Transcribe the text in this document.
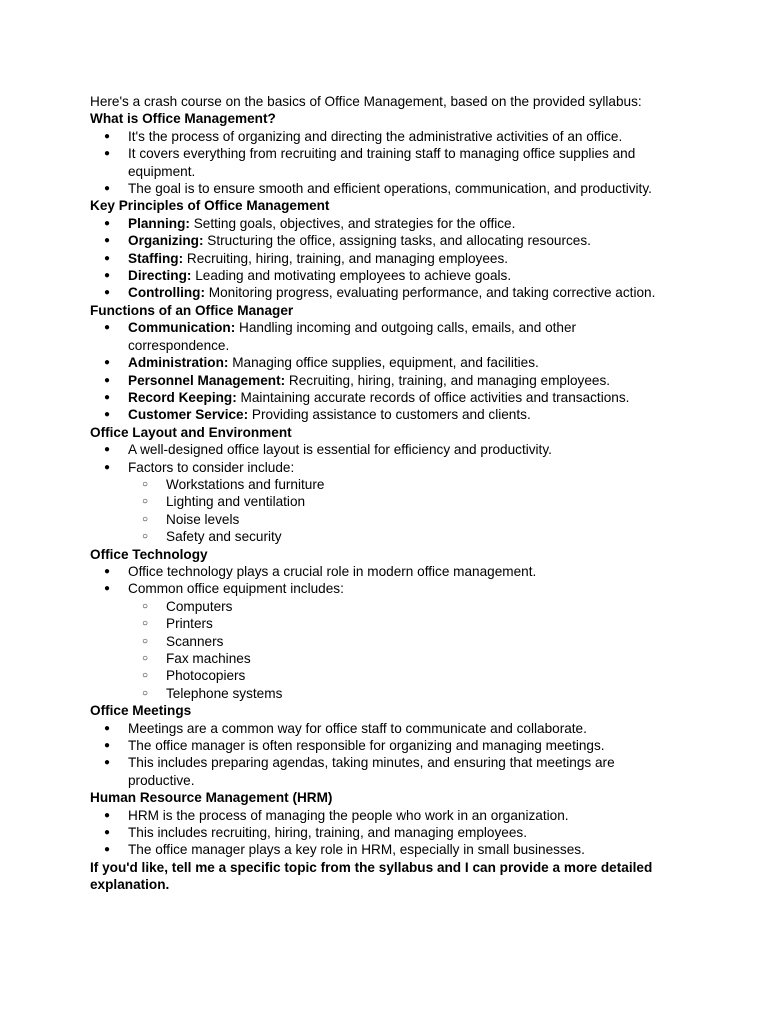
Here's a crash course on the basics of Office Management, based on the provided syllabus:

What is Office Management?

● It's the process of organizing and directing the administrative activities of an office.
● It covers everything from recruiting and training staff to managing office supplies and equipment.
● The goal is to ensure smooth and efficient operations, communication, and productivity.

Key Principles of Office Management

● Planning: Setting goals, objectives, and strategies for the office.
● Organizing: Structuring the office, assigning tasks, and allocating resources.
● Staffing: Recruiting, hiring, training, and managing employees.
● Directing: Leading and motivating employees to achieve goals.
● Controlling: Monitoring progress, evaluating performance, and taking corrective action.

Functions of an Office Manager

● Communication: Handling incoming and outgoing calls, emails, and other correspondence.
● Administration: Managing office supplies, equipment, and facilities.
● Personnel Management: Recruiting, hiring, training, and managing employees.
● Record Keeping: Maintaining accurate records of office activities and transactions.
● Customer Service: Providing assistance to customers and clients.

Office Layout and Environment

● A well-designed office layout is essential for efficiency and productivity.
● Factors to consider include:
○ Workstations and furniture
○ Lighting and ventilation
○ Noise levels
○ Safety and security

Office Technology

● Office technology plays a crucial role in modern office management.
● Common office equipment includes:
○ Computers
○ Printers
○ Scanners
○ Fax machines
○ Photocopiers
○ Telephone systems

Office Meetings

● Meetings are a common way for office staff to communicate and collaborate.
● The office manager is often responsible for organizing and managing meetings.
● This includes preparing agendas, taking minutes, and ensuring that meetings are productive.

Human Resource Management (HRM)

● HRM is the process of managing the people who work in an organization.
● This includes recruiting, hiring, training, and managing employees.
● The office manager plays a key role in HRM, especially in small businesses.

If you'd like, tell me a specific topic from the syllabus and I can provide a more detailed explanation.
